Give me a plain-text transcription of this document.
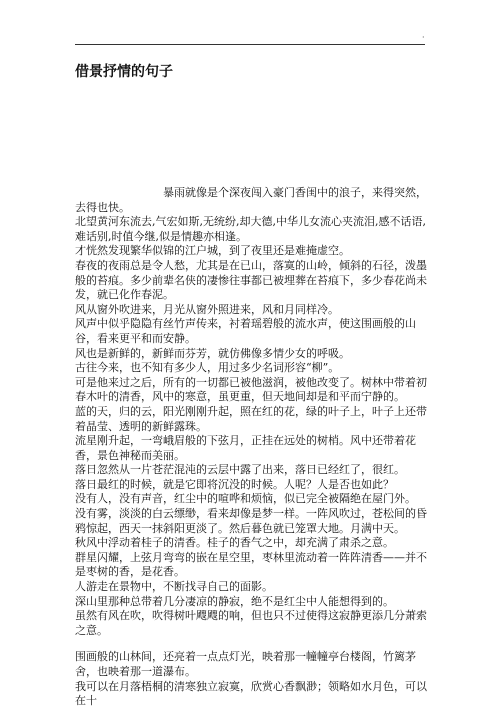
·
借景抒情的句子

暴雨就像是个深夜闯入豪门香闺中的浪子，来得突然，去得也快。

北望黄河东流去,气宏如斯,无统纷,却大德,中华儿女流心夹流泪,感不话语,难话别,时值今继,似是情趣亦相逢。

才恍然发现繁华似锦的江户城，到了夜里还是难掩虚空。

春夜的夜雨总是令人愁，尤其是在已山，落寞的山岭，倾斜的石径，泼墨般的苔痕。多少前辈名侠的凄惨往事都已被埋葬在苔痕下，多少春花尚未发，就已化作春泥。

风从窗外吹进来，月光从窗外照进来，风和月同样冷。

风声中似乎隐隐有丝竹声传来，衬着瑶碧般的流水声，使这围画般的山谷，看来更平和而安静。

风也是新鲜的，新鲜而芬芳，就仿佛像多情少女的呼吸。

古往今来，也不知有多少人，用过多少名词形容“柳”。

可是他来过之后，所有的一切都已被他滋润，被他改变了。树林中带着初春木叶的清香，风中的寒意，虽更重，但天地间却是和平而宁静的。

蓝的天，归的云，阳光刚刚升起，照在红的花，绿的叶子上，叶子上还带着晶莹、透明的新鲜露珠。

流星刚升起，一弯峨眉般的下弦月，正挂在远处的树梢。风中还带着花香，景色神秘而美丽。

落日忽然从一片苍茫混沌的云层中露了出来，落日已经红了，很红。

落日最红的时候，就是它即将沉没的时候。人呢？人是否也如此？

没有人，没有声音，红尘中的喧哗和烦恼，似已完全被隔绝在屋门外。

没有雾，淡淡的白云缥缈，看来却像是梦一样。一阵风吹过，苍松间的昏鸦惊起，西天一抹斜阳更淡了。然后暮色就已笼罩大地。月满中天。

秋风中浮动着桂子的清香。桂子的香气之中，却充满了肃杀之意。

群星闪耀，上弦月弯弯的嵌在星空里，枣林里流动着一阵阵清香——并不是枣树的香，是花香。

人游走在景物中，不断找寻自己的面影。

深山里那种总带着几分凄凉的静寂，绝不是红尘中人能想得到的。

虽然有风在吹，吹得树叶飕飕的响，但也只不过使得这寂静更添几分萧索之意。

围画般的山林间，还亮着一点点灯光，映着那一幢幢亭台楼阁，竹篱茅舍，也映着那一道瀑布。

我可以在月落梧桐的清寒独立寂寞，欣赏心香飘渺；领略如水月色，可以在十
